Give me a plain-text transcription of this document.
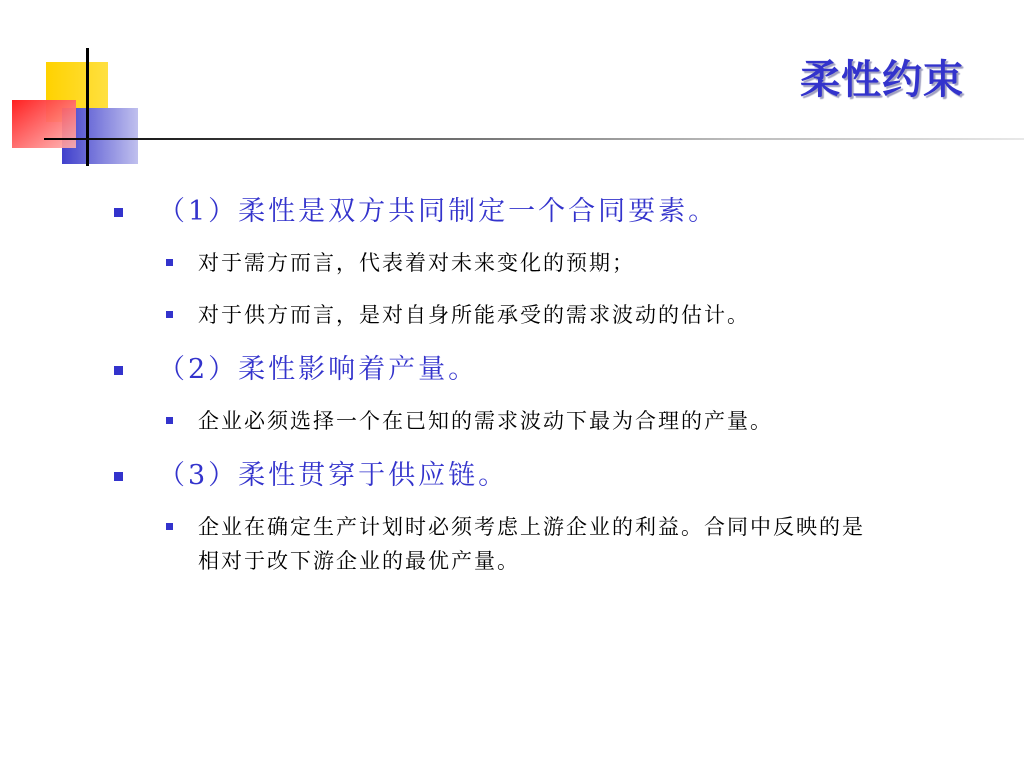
柔性约束
（1）柔性是双方共同制定一个合同要素。
对于需方而言，代表着对未来变化的预期；
对于供方而言，是对自身所能承受的需求波动的估计。
（2）柔性影响着产量。
企业必须选择一个在已知的需求波动下最为合理的产量。
（3）柔性贯穿于供应链。
企业在确定生产计划时必须考虑上游企业的利益。合同中反映的是相对于改下游企业的最优产量。
